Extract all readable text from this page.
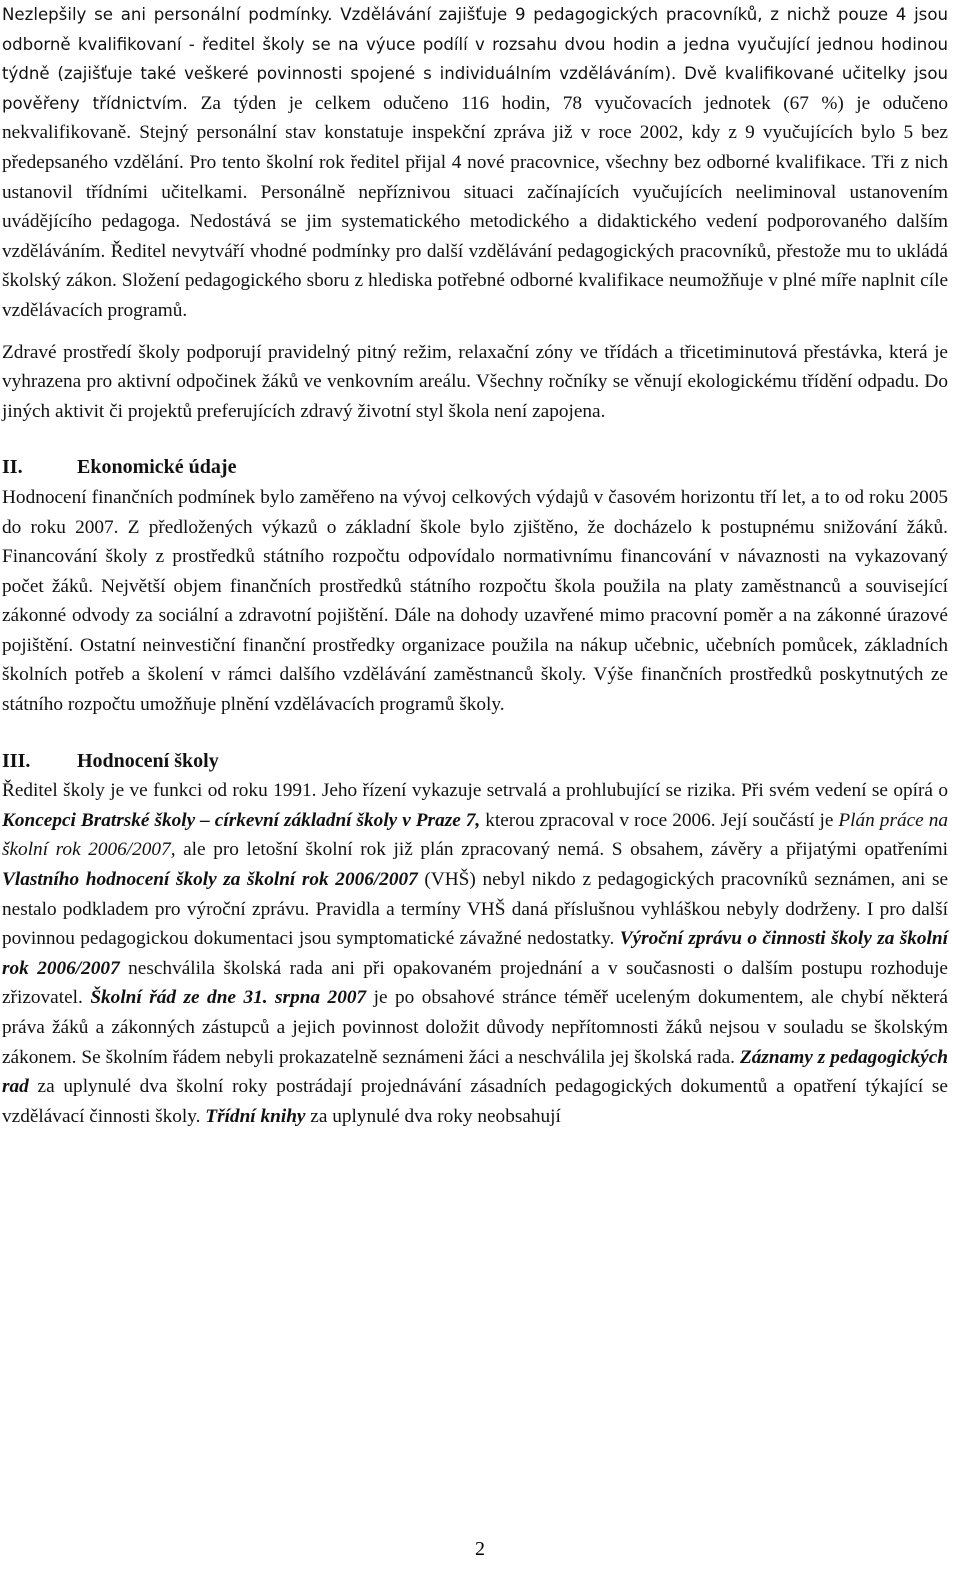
Nezlepšily se ani personální podmínky. Vzdělávání zajišťuje 9 pedagogických pracovníků, z nichž pouze 4 jsou odborně kvalifikovaní - ředitel školy se na výuce podílí v rozsahu dvou hodin a jedna vyučující jednou hodinou týdně (zajišťuje také veškeré povinnosti spojené s individuálním vzděláváním). Dvě kvalifikované učitelky jsou pověřeny třídnictvím. Za týden je celkem odučeno 116 hodin, 78 vyučovacích jednotek (67 %) je odučeno nekvalifikovaně. Stejný personální stav konstatuje inspekční zpráva již v roce 2002, kdy z 9 vyučujících bylo 5 bez předepsaného vzdělání. Pro tento školní rok ředitel přijal 4 nové pracovnice, všechny bez odborné kvalifikace. Tři z nich ustanovil třídními učitelkami. Personálně nepříznivou situaci začínajících vyučujících neeliminoval ustanovením uvádějícího pedagoga. Nedostává se jim systematického metodického a didaktického vedení podporovaného dalším vzděláváním. Ředitel nevytváří vhodné podmínky pro další vzdělávání pedagogických pracovníků, přestože mu to ukládá školský zákon. Složení pedagogického sboru z hlediska potřebné odborné kvalifikace neumožňuje v plné míře naplnit cíle vzdělávacích programů.

Zdravé prostředí školy podporují pravidelný pitný režim, relaxační zóny ve třídách a třicetiminutová přestávka, která je vyhrazena pro aktivní odpočinek žáků ve venkovním areálu. Všechny ročníky se věnují ekologickému třídění odpadu. Do jiných aktivit či projektů preferujících zdravý životní styl škola není zapojena.

II.	Ekonomické údaje

Hodnocení finančních podmínek bylo zaměřeno na vývoj celkových výdajů v časovém horizontu tří let, a to od roku 2005 do roku 2007. Z předložených výkazů o základní škole bylo zjištěno, že docházelo k postupnému snižování žáků. Financování školy z prostředků státního rozpočtu odpovídalo normativnímu financování v návaznosti na vykazovaný počet žáků. Největší objem finančních prostředků státního rozpočtu škola použila na platy zaměstnanců a související zákonné odvody za sociální a zdravotní pojištění. Dále na dohody uzavřené mimo pracovní poměr a na zákonné úrazové pojištění. Ostatní neinvestiční finanční prostředky organizace použila na nákup učebnic, učebních pomůcek, základních školních potřeb a školení v rámci dalšího vzdělávání zaměstnanců školy. Výše finančních prostředků poskytnutých ze státního rozpočtu umožňuje plnění vzdělávacích programů školy.

III.	Hodnocení školy

Ředitel školy je ve funkci od roku 1991. Jeho řízení vykazuje setrvalá a prohlubující se rizika. Při svém vedení se opírá o Koncepci Bratrské školy – církevní základní školy v Praze 7, kterou zpracoval v roce 2006. Její součástí je Plán práce na školní rok 2006/2007, ale pro letošní školní rok již plán zpracovaný nemá. S obsahem, závěry a přijatými opatřeními Vlastního hodnocení školy za školní rok 2006/2007 (VHŠ) nebyl nikdo z pedagogických pracovníků seznámen, ani se nestalo podkladem pro výroční zprávu. Pravidla a termíny VHŠ daná příslušnou vyhláškou nebyly dodrženy. I pro další povinnou pedagogickou dokumentaci jsou symptomatické závažné nedostatky. Výroční zprávu o činnosti školy za školní rok 2006/2007 neschválila školská rada ani při opakovaném projednání a v současnosti o dalším postupu rozhoduje zřizovatel. Školní řád ze dne 31. srpna 2007 je po obsahové stránce téměř uceleným dokumentem, ale chybí některá práva žáků a zákonných zástupců a jejich povinnost doložit důvody nepřítomnosti žáků nejsou v souladu se školským zákonem. Se školním řádem nebyli prokazatelně seznámeni žáci a neschválila jej školská rada. Záznamy z pedagogických rad za uplynulé dva školní roky postrádají projednávání zásadních pedagogických dokumentů a opatření týkající se vzdělávací činnosti školy. Třídní knihy za uplynulé dva roky neobsahují

2
